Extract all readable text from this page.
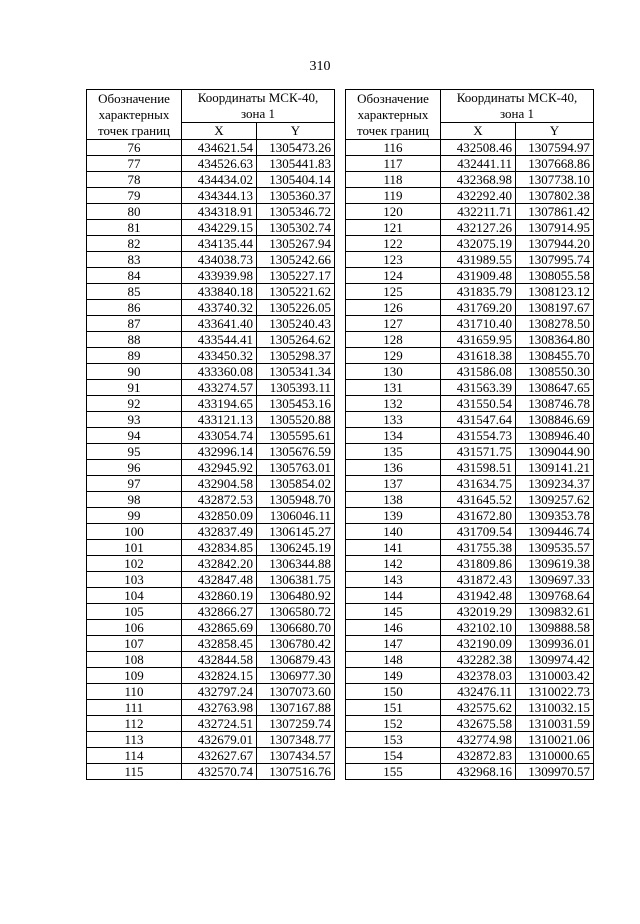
310
Обозначение
характерных
точек границ	Координаты МСК-40,
зона 1	
	X	Y
76	434621.54	1305473.26
77	434526.63	1305441.83
78	434434.02	1305404.14
79	434344.13	1305360.37
80	434318.91	1305346.72
81	434229.15	1305302.74
82	434135.44	1305267.94
83	434038.73	1305242.66
84	433939.98	1305227.17
85	433840.18	1305221.62
86	433740.32	1305226.05
87	433641.40	1305240.43
88	433544.41	1305264.62
89	433450.32	1305298.37
90	433360.08	1305341.34
91	433274.57	1305393.11
92	433194.65	1305453.16
93	433121.13	1305520.88
94	433054.74	1305595.61
95	432996.14	1305676.59
96	432945.92	1305763.01
97	432904.58	1305854.02
98	432872.53	1305948.70
99	432850.09	1306046.11
100	432837.49	1306145.27
101	432834.85	1306245.19
102	432842.20	1306344.88
103	432847.48	1306381.75
104	432860.19	1306480.92
105	432866.27	1306580.72
106	432865.69	1306680.70
107	432858.45	1306780.42
108	432844.58	1306879.43
109	432824.15	1306977.30
110	432797.24	1307073.60
111	432763.98	1307167.88
112	432724.51	1307259.74
113	432679.01	1307348.77
114	432627.67	1307434.57
115	432570.74	1307516.76
Обозначение
характерных
точек границ	Координаты МСК-40,
зона 1	
	X	Y
116	432508.46	1307594.97
117	432441.11	1307668.86
118	432368.98	1307738.10
119	432292.40	1307802.38
120	432211.71	1307861.42
121	432127.26	1307914.95
122	432075.19	1307944.20
123	431989.55	1307995.74
124	431909.48	1308055.58
125	431835.79	1308123.12
126	431769.20	1308197.67
127	431710.40	1308278.50
128	431659.95	1308364.80
129	431618.38	1308455.70
130	431586.08	1308550.30
131	431563.39	1308647.65
132	431550.54	1308746.78
133	431547.64	1308846.69
134	431554.73	1308946.40
135	431571.75	1309044.90
136	431598.51	1309141.21
137	431634.75	1309234.37
138	431645.52	1309257.62
139	431672.80	1309353.78
140	431709.54	1309446.74
141	431755.38	1309535.57
142	431809.86	1309619.38
143	431872.43	1309697.33
144	431942.48	1309768.64
145	432019.29	1309832.61
146	432102.10	1309888.58
147	432190.09	1309936.01
148	432282.38	1309974.42
149	432378.03	1310003.42
150	432476.11	1310022.73
151	432575.62	1310032.15
152	432675.58	1310031.59
153	432774.98	1310021.06
154	432872.83	1310000.65
155	432968.16	1309970.57
